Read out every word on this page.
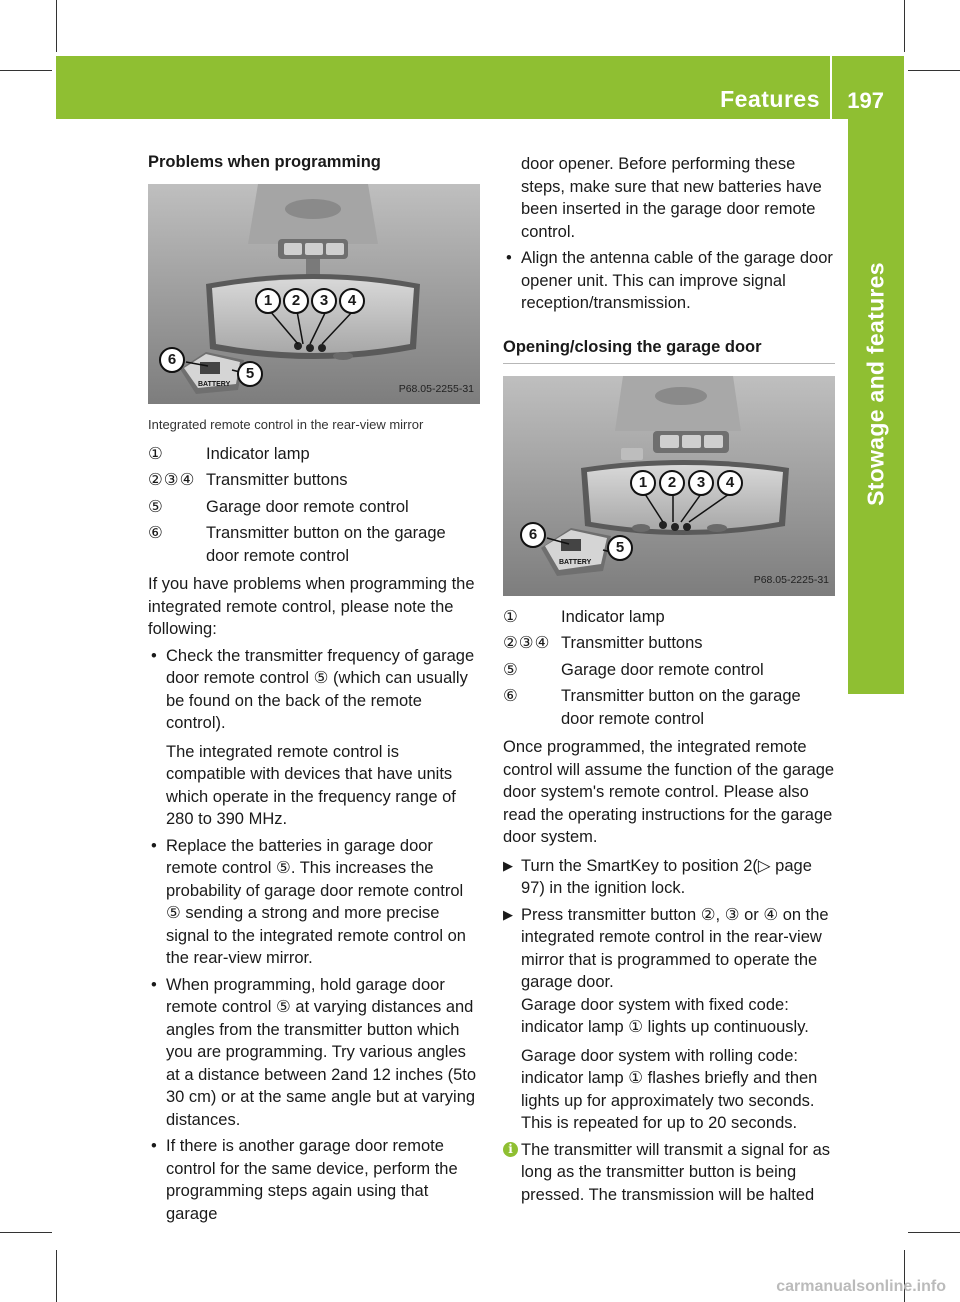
Features 197
Stowage and features
Problems when programming
BATTERY
1	2	3	4
6
5
P68.05-2255-31

Integrated remote control in the rear-view mirror

①	Indicator lamp
②③④ Transmitter buttons
⑤	Garage door remote control
⑥	Transmitter button on the garage door remote control

If you have problems when programming the integrated remote control, please note the following:

• Check the transmitter frequency of garage door remote control ⑤ (which can usually be found on the back of the remote control).
The integrated remote control is compatible with devices that have units which operate in the frequency range of 280 to 390 MHz.
• Replace the batteries in garage door remote control ⑤. This increases the probability of garage door remote control ⑤ sending a strong and more precise signal to the integrated remote control on the rear-view mirror.
• When programming, hold garage door remote control ⑤ at varying distances and angles from the transmitter button which you are programming. Try various angles at a distance between 2and 12 inches (5to 30 cm) or at the same angle but at varying distances.
• If there is another garage door remote control for the same device, perform the programming steps again using that garage

door opener. Before performing these steps, make sure that new batteries have been inserted in the garage door remote control.

• Align the antenna cable of the garage door opener unit. This can improve signal reception/transmission.
Opening/closing the garage door
BATTERY
1	2	3	4
6
5
P68.05-2225-31
①	Indicator lamp
②③④ Transmitter buttons
⑤	Garage door remote control
⑥	Transmitter button on the garage door remote control

Once programmed, the integrated remote control will assume the function of the garage door system's remote control. Please also read the operating instructions for the garage door system.

▶ Turn the SmartKey to position 2(▷ page 97) in the ignition lock.
▶ Press transmitter button ②, ③ or ④ on the integrated remote control in the rear-view mirror that is programmed to operate the garage door.

Garage door system with fixed code:

indicator lamp ① lights up continuously.

Garage door system with rolling code:

indicator lamp ① flashes briefly and then lights up for approximately two seconds. This is repeated for up to 20 seconds.

i The transmitter will transmit a signal for as long as the transmitter button is being pressed. The transmission will be halted
carmanualsonline.info
